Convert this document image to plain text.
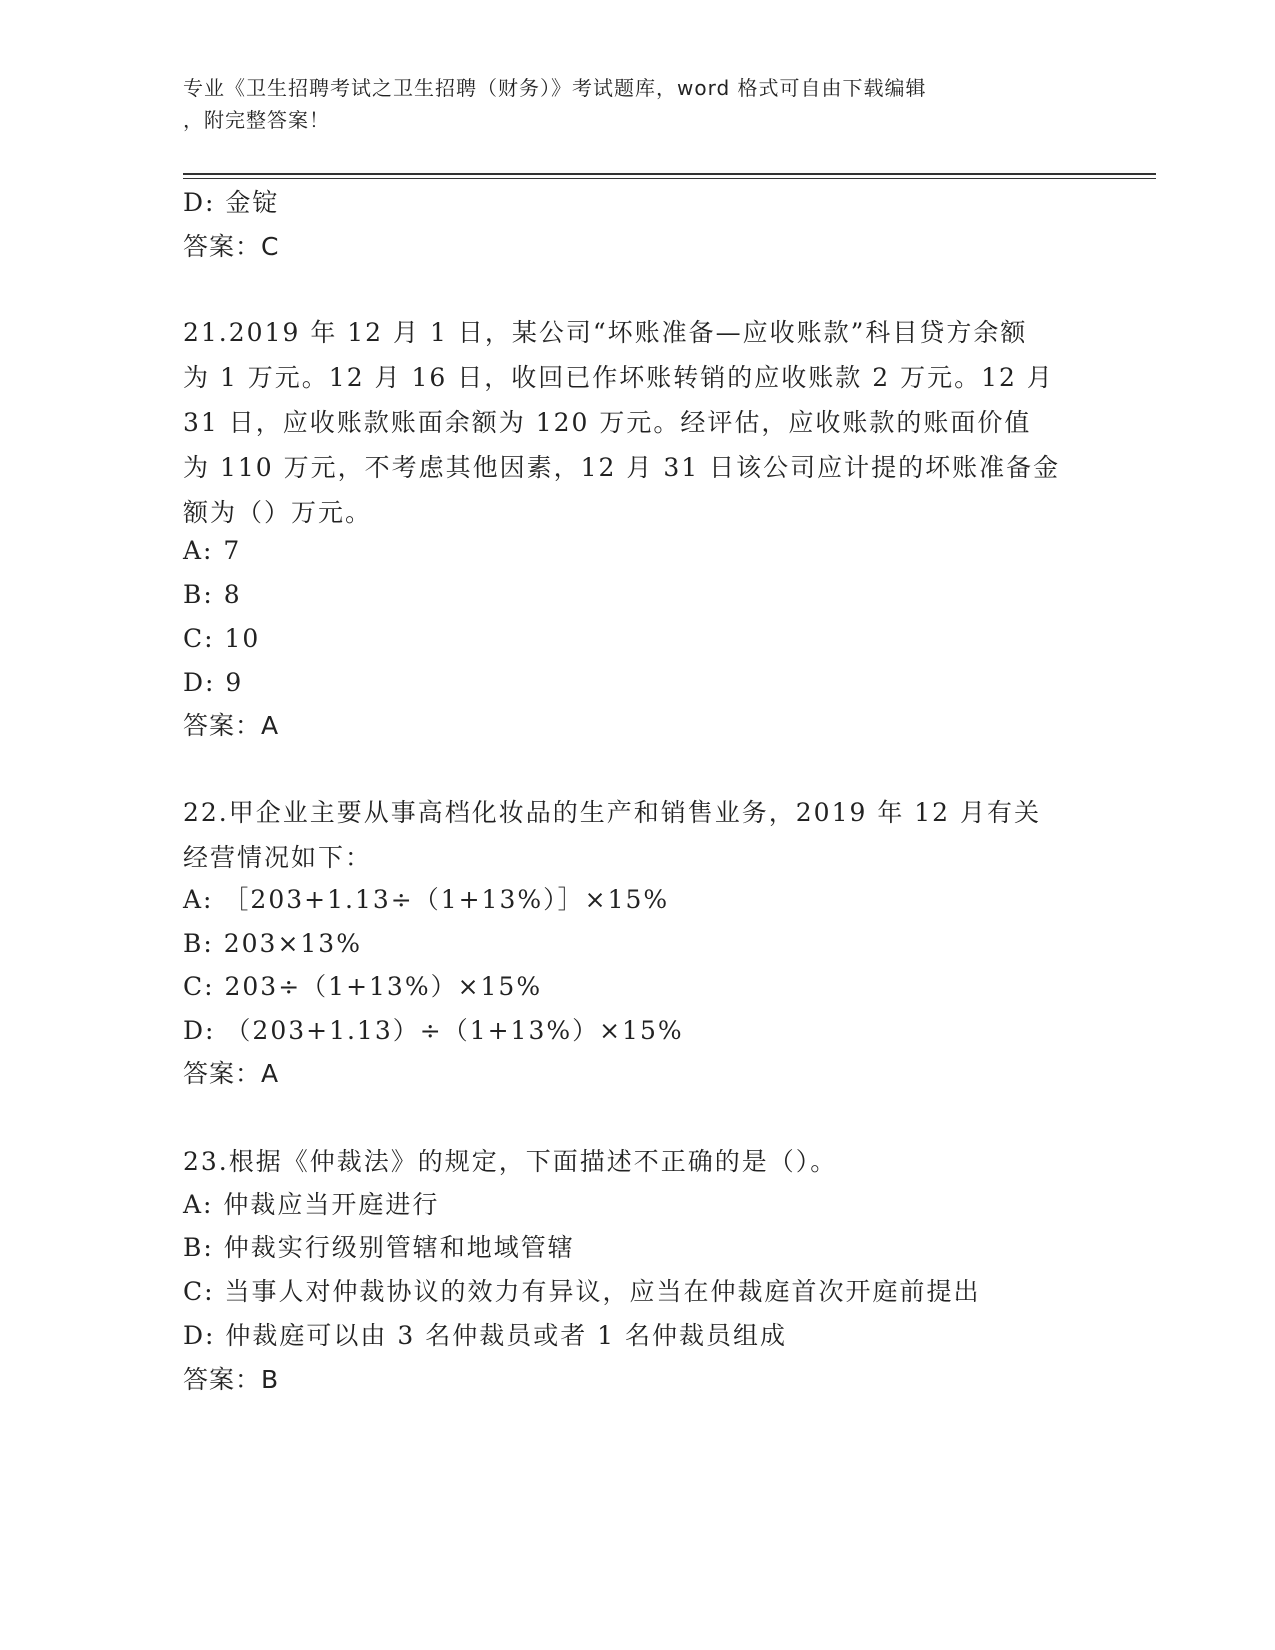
专业《卫生招聘考试之卫生招聘（财务）》考试题库，word 格式可自由下载编辑
，附完整答案！
D: 金锭
答案：C
21.2019 年 12 月 1 日，某公司“坏账准备—应收账款”科目贷方余额
为 1 万元。12 月 16 日，收回已作坏账转销的应收账款 2 万元。12 月
31 日，应收账款账面余额为 120 万元。经评估，应收账款的账面价值
为 110 万元，不考虑其他因素，12 月 31 日该公司应计提的坏账准备金
额为（）万元。
A: 7
B: 8
C: 10
D: 9
答案：A
22.甲企业主要从事高档化妆品的生产和销售业务，2019 年 12 月有关
经营情况如下：
A: ［203+1.13÷（1+13%）］×15%
B: 203×13%
C: 203÷（1+13%）×15%
D: （203+1.13）÷（1+13%）×15%
答案：A
23.根据《仲裁法》的规定，下面描述不正确的是（）。
A: 仲裁应当开庭进行
B: 仲裁实行级别管辖和地域管辖
C: 当事人对仲裁协议的效力有异议，应当在仲裁庭首次开庭前提出
D: 仲裁庭可以由 3 名仲裁员或者 1 名仲裁员组成
答案：B
